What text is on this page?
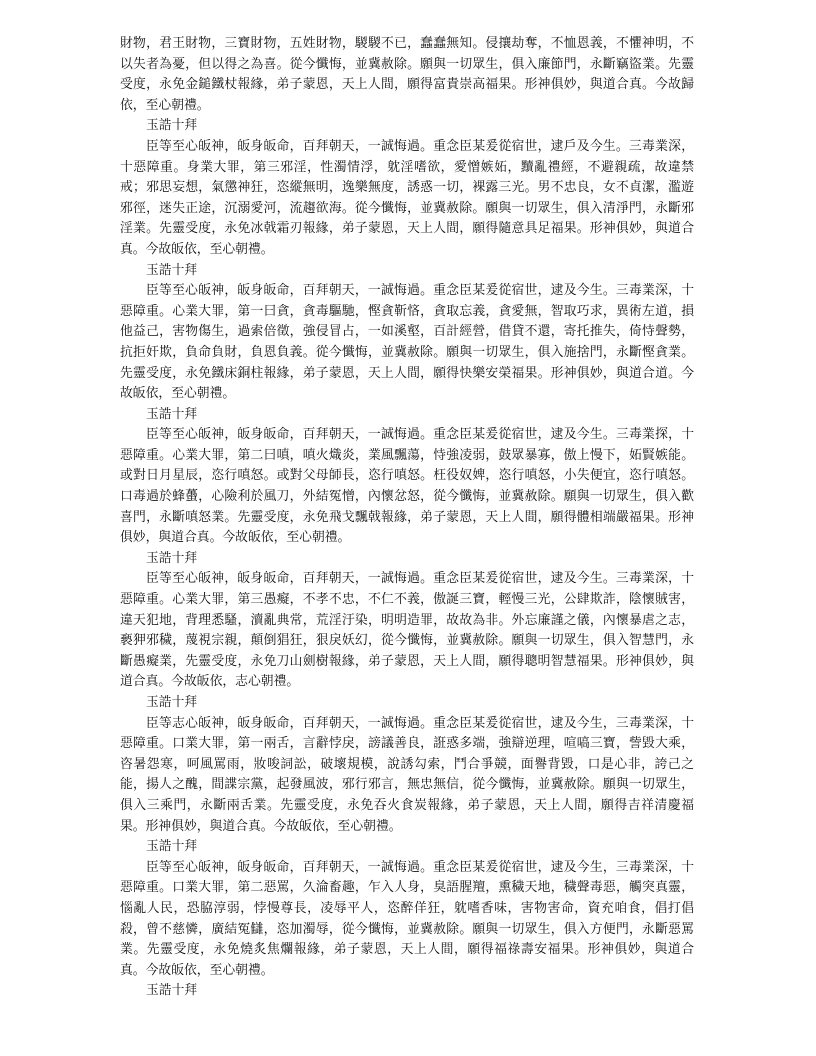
財物，君王財物，三寶財物，五姓財物，騣騣不已，蠢蠢無知。侵攘劫奪，不恤恩義，不懼神明，不以失者為憂，但以得之為喜。從今懺悔，並冀赦除。願與一切眾生，俱入廉節門，永斷竊盜業。先靈受度，永免金鎚鐵杖報緣，弟子蒙恩，天上人間，願得富貴崇高福果。形神俱妙，與道合真。今故歸依，至心朝禮。

玉誥十拜

臣等至心皈神，皈身皈命，百拜朝天，一誠悔過。重念臣某爰從宿世，逮戶及今生。三毒業深，十惡障重。身業大罪，第三邪淫，性濁情浮，躭淫嗜欲，愛憎嫉妬，黷亂禮經，不避親疏，故違禁戒；邪思妄想，氣懲神狂，恣縱無明，逸樂無度，誘惑一切，裸露三光。男不忠良，女不貞潔，濫遊邪徑，迷失正途，沉溺愛河，流趨欲海。從今懺悔，並冀赦除。願與一切眾生，俱入清淨門，永斷邪淫業。先靈受度，永免冰戟霜刃報緣，弟子蒙恩，天上人間，願得隨意具足福果。形神俱妙，與道合真。今故皈依，至心朝禮。

玉誥十拜

臣等至心皈神，皈身皈命，百拜朝天，一誠悔過。重念臣某爰從宿世，逮及今生。三毒業深，十惡障重。心業大罪，第一曰貪，貪毒驅馳，慳貪靳悋，貪取忘義，貪愛無，智取巧求，異術左道，損他益己，害物傷生，過索倍徵，強侵冒占，一如溪壑，百計經營，借貸不還，寄托推失，倚恃聲勢，抗拒奸欺，負命負財，負恩負義。從今懺悔，並冀赦除。願與一切眾生，俱入施捨門，永斷慳貪業。先靈受度，永免鐵床銅柱報緣，弟子蒙恩，天上人間，願得快樂安榮福果。形神俱妙，與道合道。今故皈依，至心朝禮。

玉誥十拜

臣等至心皈神，皈身皈命，百拜朝天，一誠悔過。重念臣某爰從宿世，逮及今生。三毒業探，十惡障重。心業大罪，第二曰嗔，嗔火熾炎，業風飄蕩，恃強凌弱，鼓眾暴寡，傲上慢下，妬賢嫉能。或對日月星辰，恣行嗔怒。或對父母師長，恣行嗔怒。枉役奴婢，恣行嗔怒，小失便宜，恣行嗔怒。口毒過於蜂蠆，心險利於風刀，外結冤憎，內懷忿怒，從今懺悔，並冀赦除。願與一切眾生，俱入歡喜門，永斷嗔怒業。先靈受度，永免飛戈飄戟報緣，弟子蒙恩，天上人間，願得體相端嚴福果。形神俱妙，與道合真。今故皈依，至心朝禮。

玉誥十拜

臣等至心皈神，皈身皈命，百拜朝天，一誠悔過。重念臣某爰從宿世，逮及今生。三毒業深，十惡障重。心業大罪，第三愚癡，不孝不忠，不仁不義，傲誕三寶，輕慢三光，公肆欺詐，陰懷賊害，違天犯地，背理悉騷，瀆亂典常，荒淫汙染，明明造罪，故故為非。外忘廉謹之儀，內懷暴虐之志，褻狎邪穢，蔑視宗親，顛倒猖狂，狠戾妖幻，從今懺悔，並冀赦除。願與一切眾生，俱入智慧門，永斷愚癡業，先靈受度，永免刀山劍樹報緣，弟子蒙恩，天上人間，願得聰明智慧福果。形神俱妙，與道合真。今故皈依，志心朝禮。

玉誥十拜

臣等志心皈神，皈身皈命，百拜朝天，一誠悔過。重念臣某爰從宿世，逮及今生，三毒業深，十惡障重。口業大罪，第一兩舌，言辭悖戾，謗議善良，誑惑多端，強辯逆理，喧嗃三寶，訾毀大乘，咨暑怨寒，呵風罵雨，妝唆詞訟，破壞規模，說誘勾索，鬥合爭競，面譽背毀，口是心非，誇己之能，揚人之醜，間諜宗黨，起發風波，邪行邪言，無忠無信，從今懺悔，並冀赦除。願與一切眾生，俱入三乘門，永斷兩舌業。先靈受度，永免吞火食炭報緣，弟子蒙恩，天上人間，願得吉祥清慶福果。形神俱妙，與道合真。今故皈依，至心朝禮。

玉誥十拜

臣等至心皈神，皈身皈命，百拜朝天，一誠悔過。重念臣某爰從宿世，逮及今生，三毒業深，十惡障重。口業大罪，第二惡罵，久淪畜趣，乍入人身，臭語腥羶，熏穢天地，穢聲毒惡，觸突真靈，惱亂人民，恐脇淳弱，悖慢尊長，凌辱平人，恣醉佯狂，躭嗜香味，害物害命，資充咱食，倡打倡殺，曾不慈憐，廣結冤讎，恣加濁辱，從今懺悔，並冀赦除。願與一切眾生，俱入方便門，永斷惡罵業。先靈受度，永免燒炙焦爛報緣，弟子蒙恩，天上人間，願得福祿壽安福果。形神俱妙，與道合真。今故皈依，至心朝禮。

玉誥十拜
